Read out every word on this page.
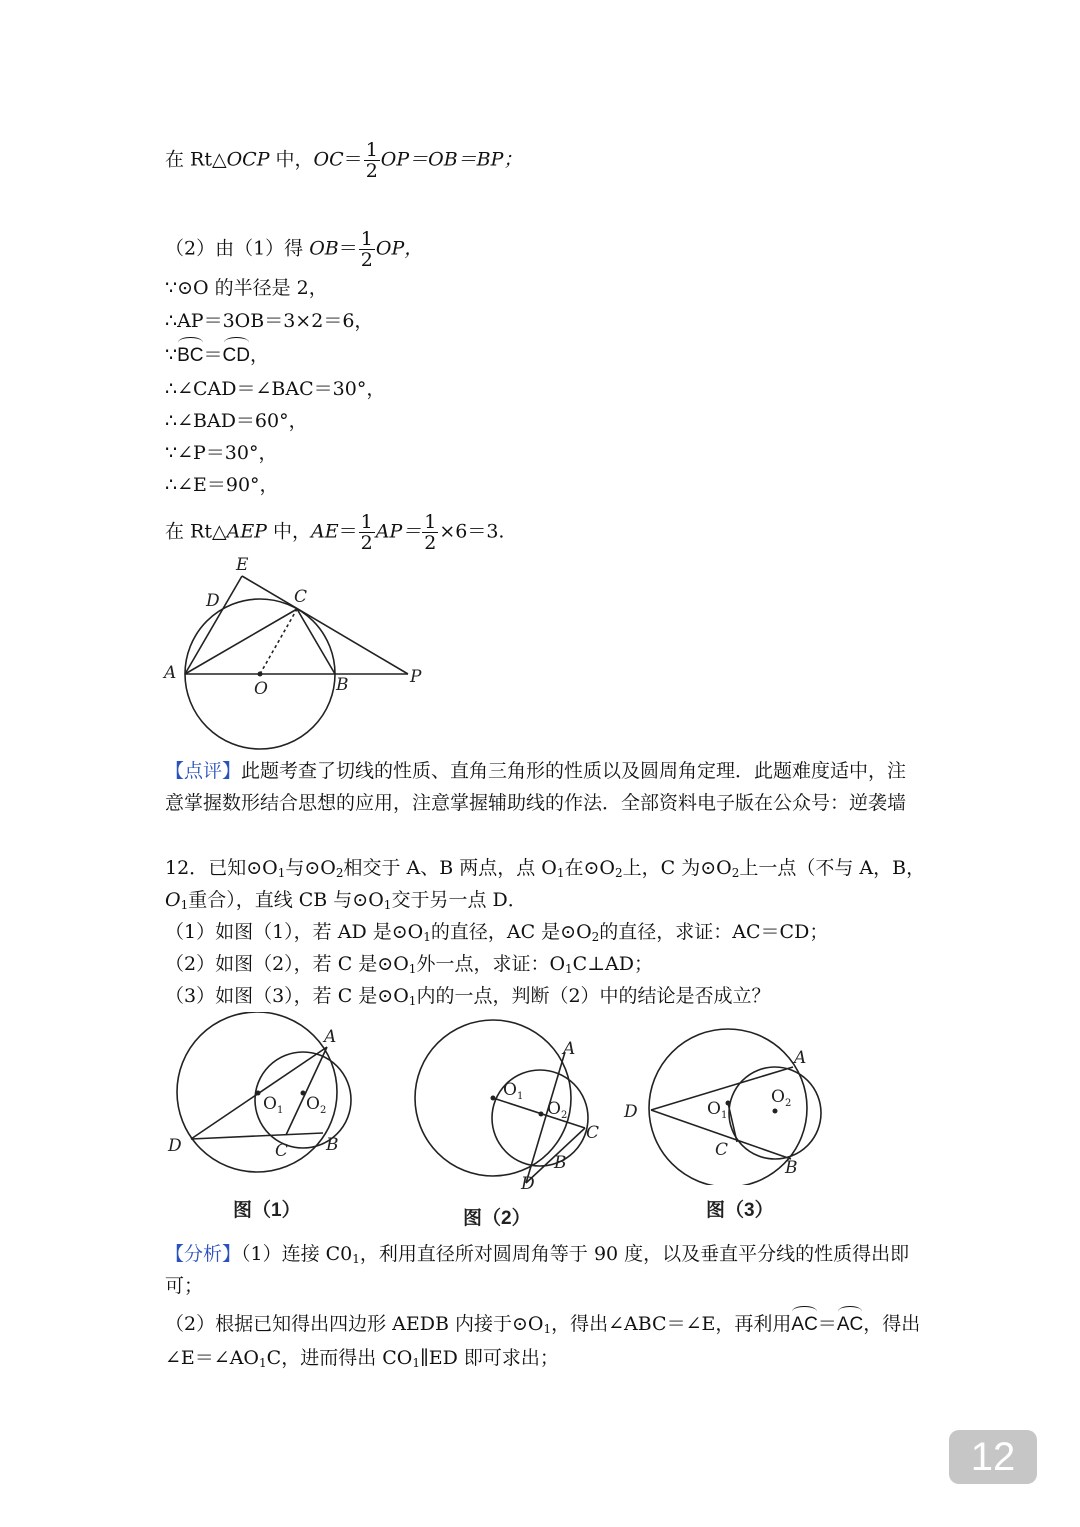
在 Rt△OCP 中，$OC= \frac{1}{2} OP=OB=BP$；
（2）由（1）得 $OB= \frac{1}{2}$ OP，
∵⊙O 的半径是 2，
∴AP＝3OB＝3×2＝6，
∵BC＝CD，
∴∠CAD＝∠BAC＝30°，
∴∠BAD＝60°，
∵∠P＝30°，
∴∠E＝90°，
在 Rt△AEP 中，$AE= \frac{1}{2} AP= \frac{1}{2} \times 6=3$.
E
D	C
A
O	B	P
【点评】此题考查了切线的性质、直角三角形的性质以及圆周角定理．此题难度适中，注
意掌握数形结合思想的应用，注意掌握辅助线的作法．全部资料电子版在公众号：逆袭墙
12．已知$⊙O_1$与$⊙O_2$相交于 A、B 两点，点 $O_1$在$⊙O_2$上，C 为$⊙O_2$上一点（不与 A，B，
$O_1$重合），直线 CB 与$⊙O_1$交于另一点 D．
（1）如图（1），若 AD 是$⊙O_1$的直径，AC 是$⊙O_2$的直径，求证：AC＝CD；
（2）如图（2），若 C 是$⊙O_1$外一点，求证：$O_1C\perp AD$；
（3）如图（3），若 C 是$⊙O_1$内的一点，判断（2）中的结论是否成立？
A
D	C B
O 1 O 2
图（1）
A
C
B
D
O 1
O 2
图（2）
A
D
C
B
O 1
O 2
图（3）
【分析】（1）连接 $C0_1$，利用直径所对圆周角等于 90 度，以及垂直平分线的性质得出即
可；
（2）根据已知得出四边形 AEDB 内接于$⊙O_1$，得出∠ABC＝∠E，再利用AC＝AC，得出
$\angle E=\angle AO_1C$，进而得出 $CO_1\parallel ED$ 即可求出；
12
